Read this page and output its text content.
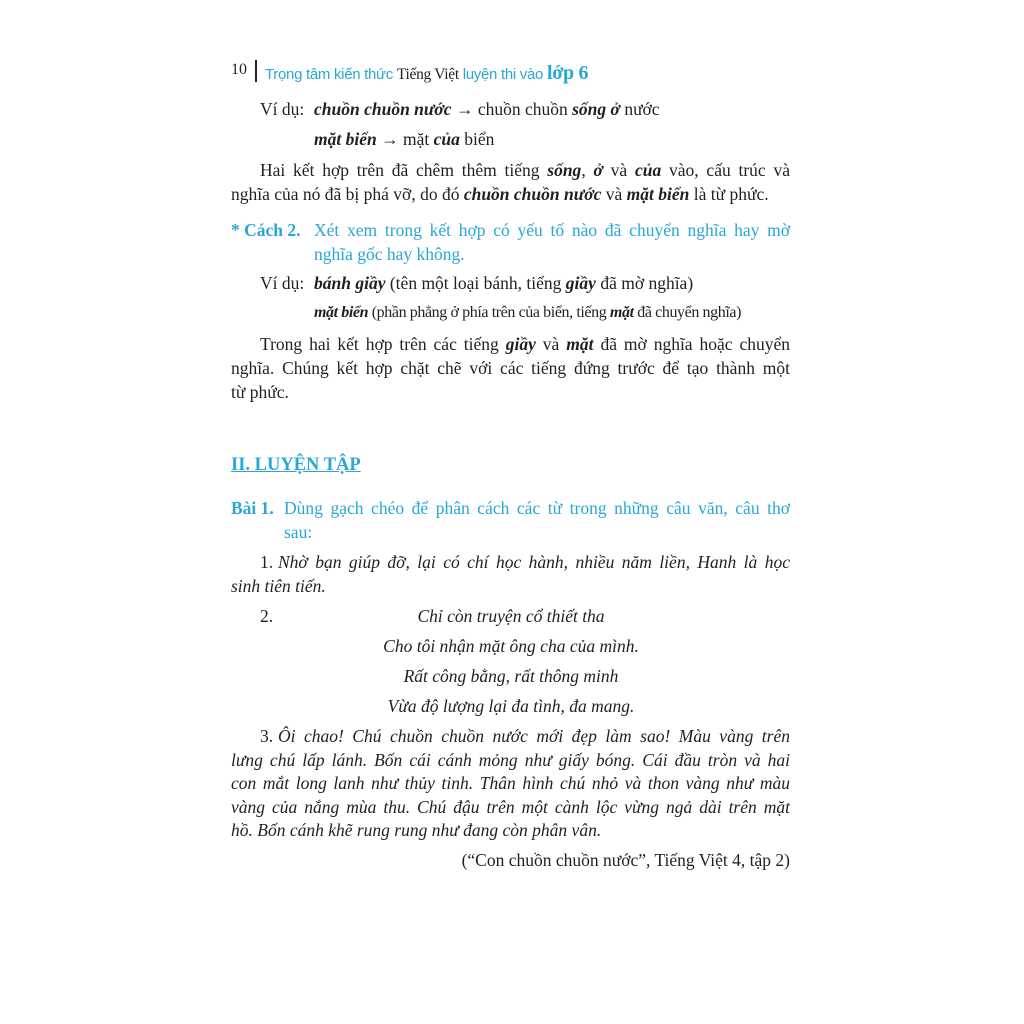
10 Trọng tâm kiến thức Tiếng Việt luyện thi vào lớp 6
Ví dụ: chuồn chuồn nước → chuồn chuồn sống ở nước
mặt biển → mặt của biển
Hai kết hợp trên đã chêm thêm tiếng sống, ở và của vào, cấu trúc và
nghĩa của nó đã bị phá vỡ, do đó chuồn chuồn nước và mặt biển là từ phức.
* Cách 2. Xét xem trong kết hợp có yếu tố nào đã chuyển nghĩa hay mờ
nghĩa gốc hay không.
Ví dụ: bánh giầy (tên một loại bánh, tiếng giầy đã mờ nghĩa)
mặt biển (phần phẳng ở phía trên của biển, tiếng mặt đã chuyển nghĩa)
Trong hai kết hợp trên các tiếng giầy và mặt đã mờ nghĩa hoặc chuyển
nghĩa. Chúng kết hợp chặt chẽ với các tiếng đứng trước để tạo thành một
từ phức.
II. LUYỆN TẬP
Bài 1. Dùng gạch chéo để phân cách các từ trong những câu văn, câu thơ
sau:
1. Nhờ bạn giúp đỡ, lại có chí học hành, nhiều năm liền, Hanh là học
sinh tiên tiến.
2.	Chỉ còn truyện cổ thiết tha
Cho tôi nhận mặt ông cha của mình.
Rất công bằng, rất thông minh
Vừa độ lượng lại đa tình, đa mang.
3. Ôi chao! Chú chuồn chuồn nước mới đẹp làm sao! Màu vàng trên
lưng chú lấp lánh. Bốn cái cánh mỏng như giấy bóng. Cái đầu tròn và hai
con mắt long lanh như thủy tinh. Thân hình chú nhỏ và thon vàng như màu
vàng của nắng mùa thu. Chú đậu trên một cành lộc vừng ngả dài trên mặt
hồ. Bốn cánh khẽ rung rung như đang còn phân vân.
(“Con chuồn chuồn nước”, Tiếng Việt 4, tập 2)
